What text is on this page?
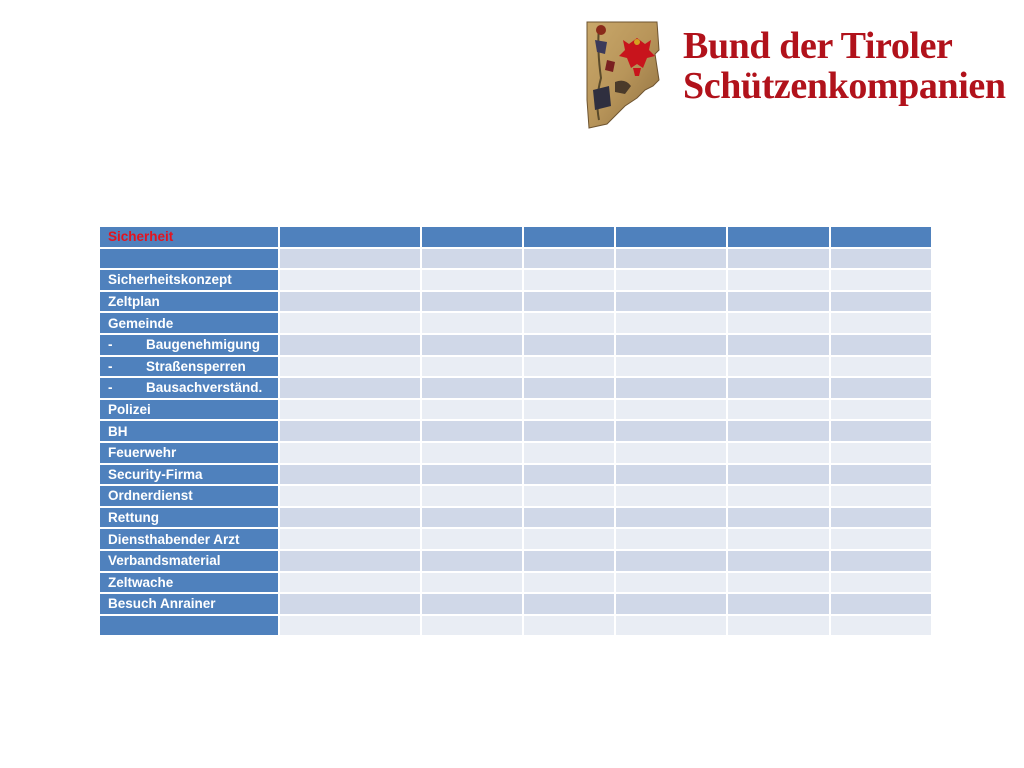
Bund der Tiroler
Schützenkompanien
Sicherheit						

Sicherheitskonzept						
Zeltplan						
Gemeinde						
- Baugenehmigung						
- Straßensperren						
- Bausachverständ.						
Polizei						
BH						
Feuerwehr						
Security-Firma						
Ordnerdienst						
Rettung						
Diensthabender Arzt						
Verbandsmaterial						
Zeltwache						
Besuch Anrainer						
